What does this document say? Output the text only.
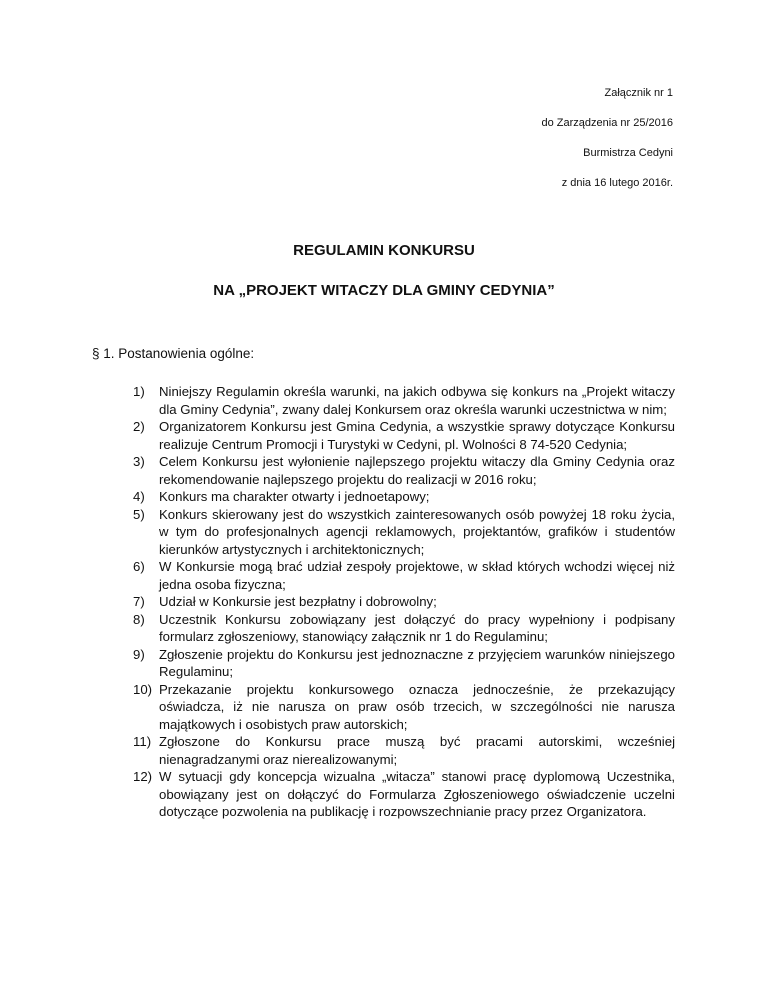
Załącznik nr 1
do Zarządzenia nr 25/2016
Burmistrza Cedyni
z dnia 16 lutego 2016r.
REGULAMIN KONKURSU
NA „PROJEKT WITACZY DLA GMINY CEDYNIA”
§ 1. Postanowienia ogólne:
1) Niniejszy Regulamin określa warunki, na jakich odbywa się konkurs na „Projekt witaczy dla Gminy Cedynia”, zwany dalej Konkursem oraz określa warunki uczestnictwa w nim;
2) Organizatorem Konkursu jest Gmina Cedynia, a wszystkie sprawy dotyczące Konkursu realizuje Centrum Promocji i Turystyki w Cedyni, pl. Wolności 8 74-520 Cedynia;
3) Celem Konkursu jest wyłonienie najlepszego projektu witaczy dla Gminy Cedynia oraz rekomendowanie najlepszego projektu do realizacji w 2016 roku;
4) Konkurs ma charakter otwarty i jednoetapowy;
5) Konkurs skierowany jest do wszystkich zainteresowanych osób powyżej 18 roku życia, w tym do profesjonalnych agencji reklamowych, projektantów, grafików i studentów kierunków artystycznych i architektonicznych;
6) W Konkursie mogą brać udział zespoły projektowe, w skład których wchodzi więcej niż jedna osoba fizyczna;
7) Udział w Konkursie jest bezpłatny i dobrowolny;
8) Uczestnik Konkursu zobowiązany jest dołączyć do pracy wypełniony i podpisany formularz zgłoszeniowy, stanowiący załącznik nr 1 do Regulaminu;
9) Zgłoszenie projektu do Konkursu jest jednoznaczne z przyjęciem warunków niniejszego Regulaminu;
10) Przekazanie projektu konkursowego oznacza jednocześnie, że przekazujący oświadcza, iż nie narusza on praw osób trzecich, w szczególności nie narusza majątkowych i osobistych praw autorskich;
11) Zgłoszone do Konkursu prace muszą być pracami autorskimi, wcześniej nienagradzanymi oraz nierealizowanymi;
12) W sytuacji gdy koncepcja wizualna „witacza” stanowi pracę dyplomową Uczestnika, obowiązany jest on dołączyć do Formularza Zgłoszeniowego oświadczenie uczelni dotyczące pozwolenia na publikację i rozpowszechnianie pracy przez Organizatora.
